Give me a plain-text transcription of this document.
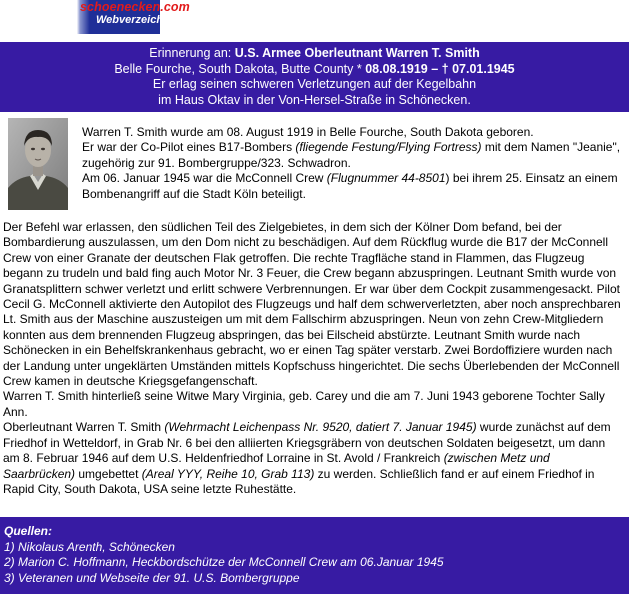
schoenecken.com
Webverzeichnis
Erinnerung an: U.S. Armee Oberleutnant Warren T. Smith
Belle Fourche, South Dakota, Butte County * 08.08.1919 – † 07.01.1945
Er erlag seinen schweren Verletzungen auf der Kegelbahn
im Haus Oktav in der Von-Hersel-Straße in Schönecken.

Warren T. Smith wurde am 08. August 1919 in Belle Fourche, South Dakota geboren.

Er war der Co-Pilot eines B17-Bombers (fliegende Festung/Flying Fortress) mit dem Namen "Jeanie", zugehörig zur 91. Bombergruppe/323. Schwadron.

Am 06. Januar 1945 war die McConnell Crew (Flugnummer 44-8501) bei ihrem 25. Einsatz an einem Bombenangriff auf die Stadt Köln beteiligt.

Der Befehl war erlassen, den südlichen Teil des Zielgebietes, in dem sich der Kölner Dom befand, bei der Bombardierung auszulassen, um den Dom nicht zu beschädigen. Auf dem Rückflug wurde die B17 der McConnell Crew von einer Granate der deutschen Flak getroffen. Die rechte Tragfläche stand in Flammen, das Flugzeug begann zu trudeln und bald fing auch Motor Nr. 3 Feuer, die Crew begann abzuspringen. Leutnant Smith wurde von Granatsplittern schwer verletzt und erlitt schwere Verbrennungen. Er war über dem Cockpit zusammengesackt. Pilot Cecil G. McConnell aktivierte den Autopilot des Flugzeugs und half dem schwerverletzten, aber noch ansprechbaren Lt. Smith aus der Maschine auszusteigen um mit dem Fallschirm abzuspringen. Neun von zehn Crew-Mitgliedern konnten aus dem brennenden Flugzeug abspringen, das bei Eilscheid abstürzte. Leutnant Smith wurde nach Schönecken in ein Behelfskrankenhaus gebracht, wo er einen Tag später verstarb. Zwei Bordoffiziere wurden nach der Landung unter ungeklärten Umständen mittels Kopfschuss hingerichtet. Die sechs Überlebenden der McConnell Crew kamen in deutsche Kriegsgefangenschaft.

Warren T. Smith hinterließ seine Witwe Mary Virginia, geb. Carey und die am 7. Juni 1943 geborene Tochter Sally Ann.

Oberleutnant Warren T. Smith (Wehrmacht Leichenpass Nr. 9520, datiert 7. Januar 1945) wurde zunächst auf dem Friedhof in Wetteldorf, in Grab Nr. 6 bei den alliierten Kriegsgräbern von deutschen Soldaten beigesetzt, um dann am 8. Februar 1946 auf dem U.S. Heldenfriedhof Lorraine in St. Avold / Frankreich (zwischen Metz und Saarbrücken) umgebettet (Areal YYY, Reihe 10, Grab 113) zu werden. Schließlich fand er auf einem Friedhof in Rapid City, South Dakota, USA seine letzte Ruhestätte.

Quellen:
1) Nikolaus Arenth, Schönecken
2) Marion C. Hoffmann, Heckbordschütze der McConnell Crew am 06.Januar 1945
3) Veteranen und Webseite der 91. U.S. Bombergruppe
